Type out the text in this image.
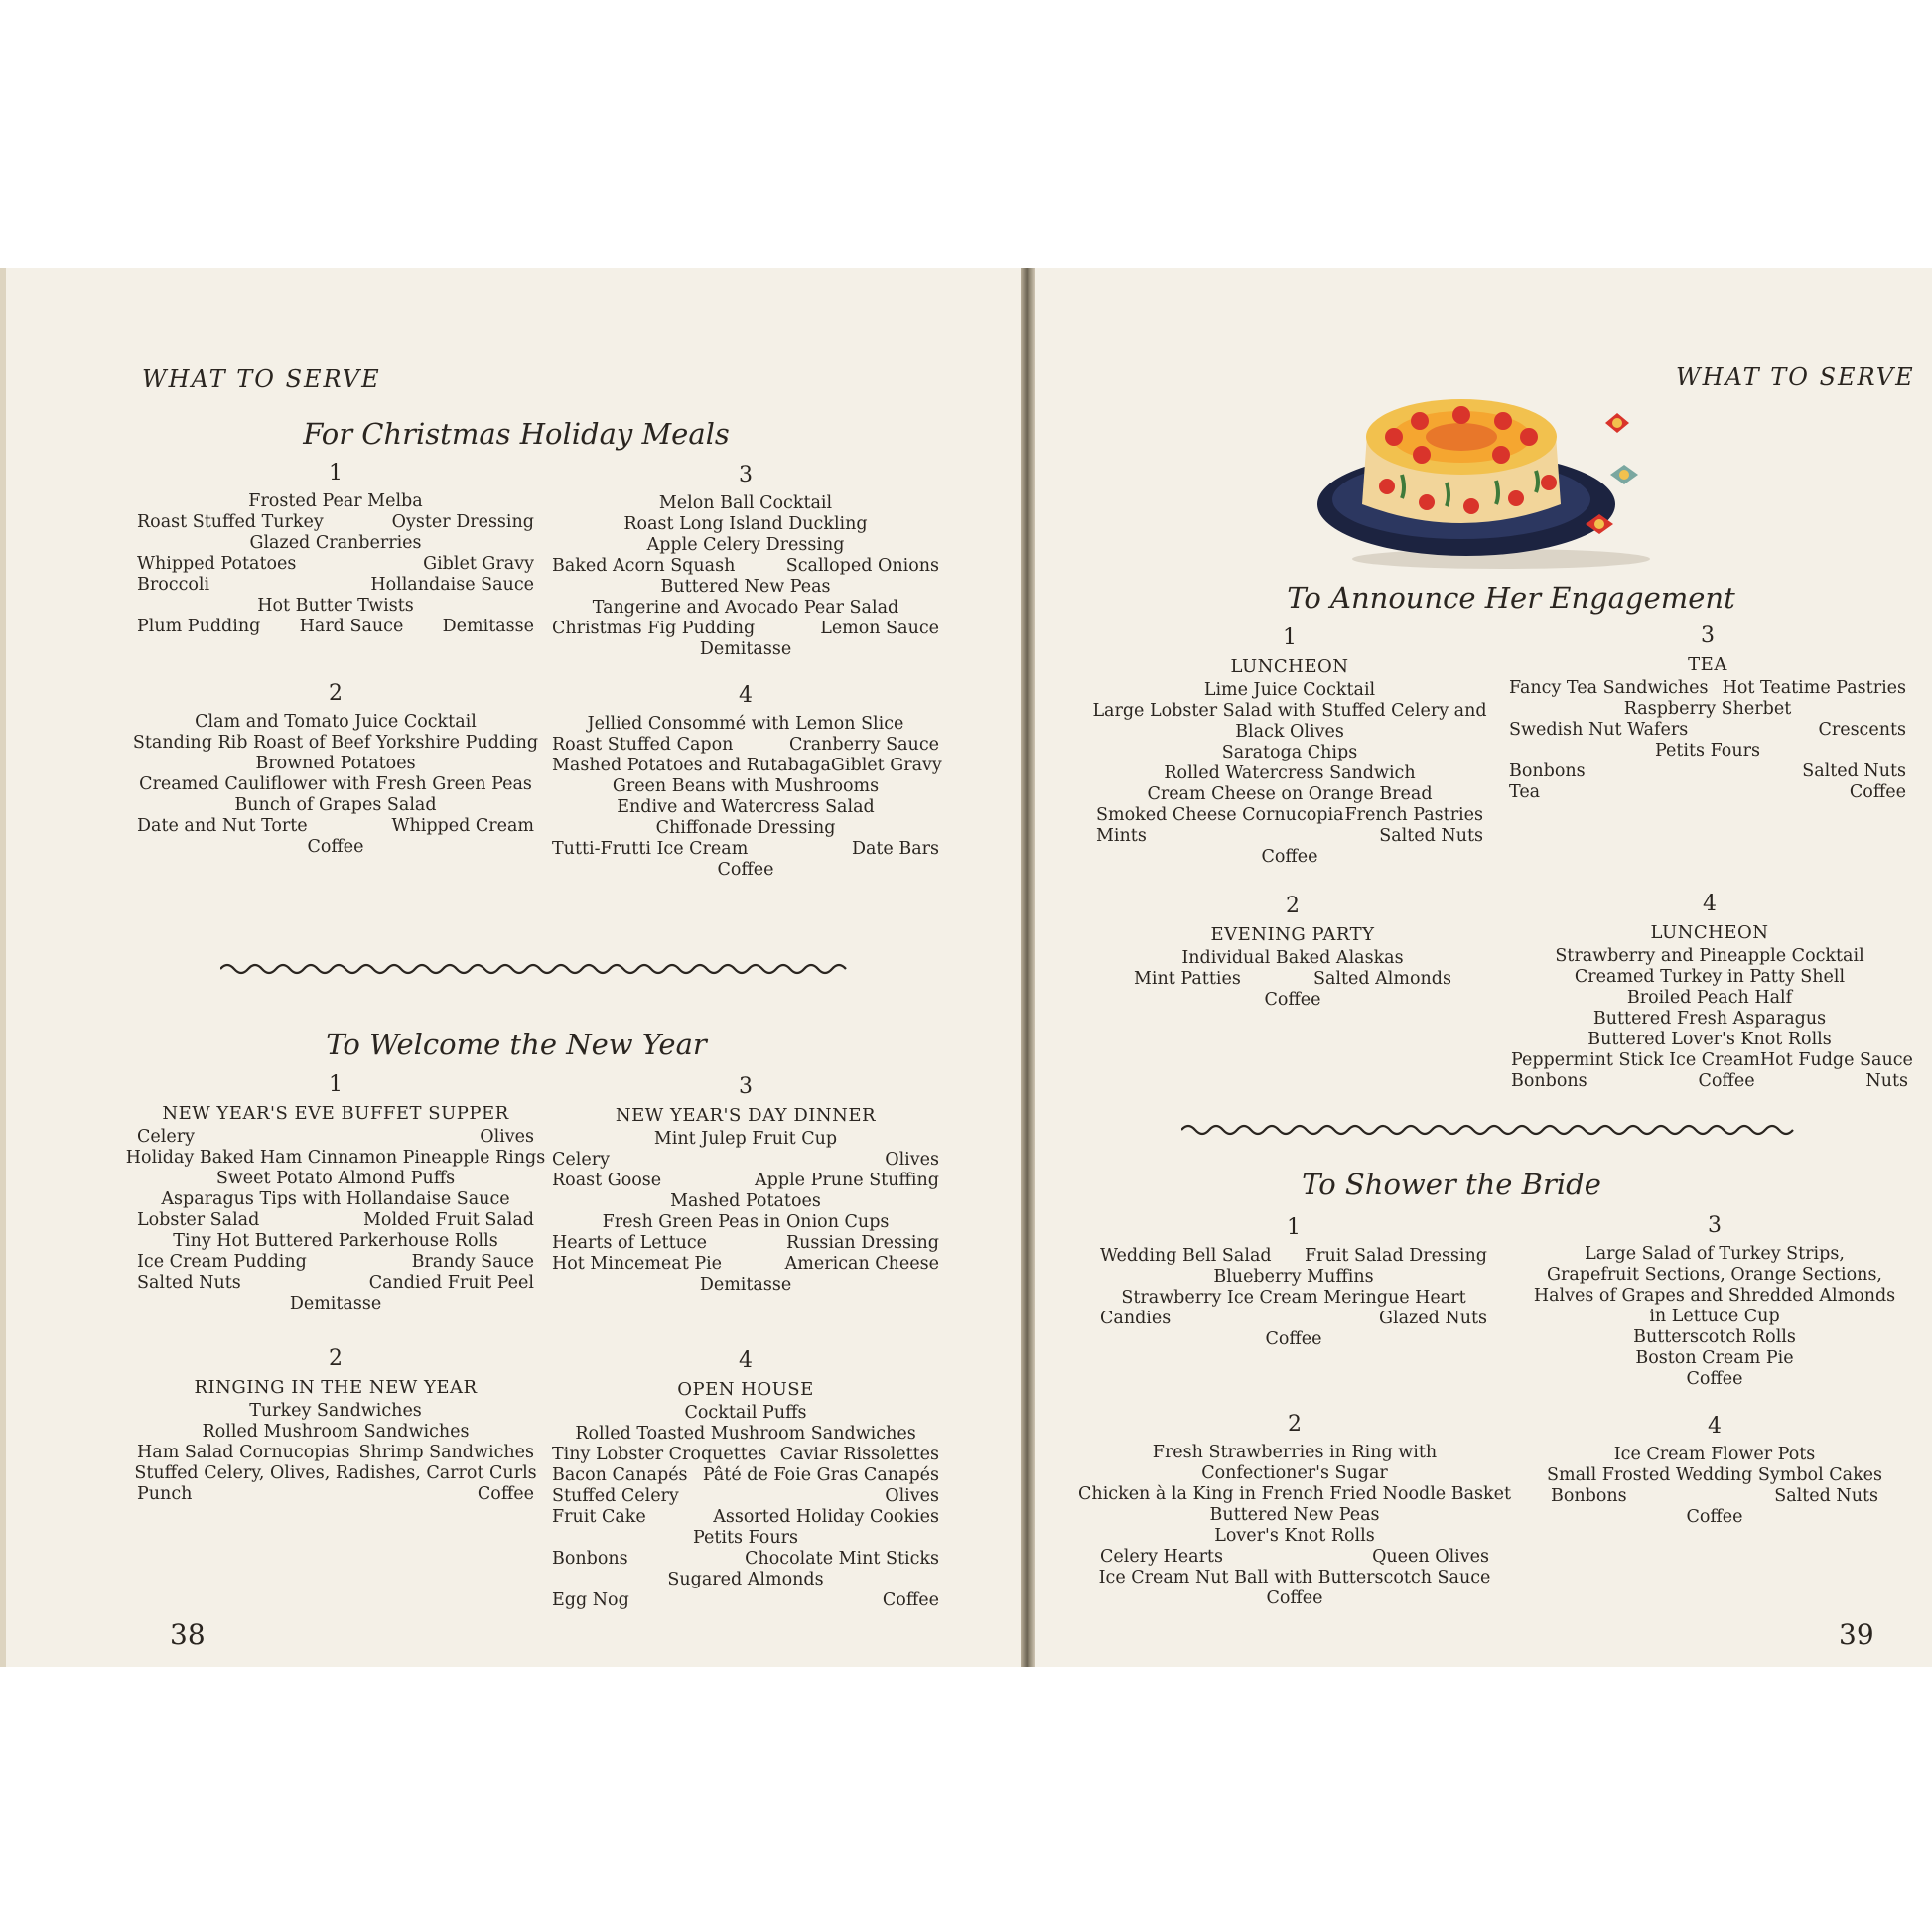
WHAT TO SERVE
For Christmas Holiday Meals
1
Frosted Pear Melba
Roast Stuffed Turkey	Oyster Dressing
Glazed Cranberries
Whipped Potatoes	Giblet Gravy
Broccoli	Hollandaise Sauce
Hot Butter Twists
Plum Pudding Hard Sauce Demitasse
3
Melon Ball Cocktail
Roast Long Island Duckling
Apple Celery Dressing
Baked Acorn Squash	Scalloped Onions
Buttered New Peas
Tangerine and Avocado Pear Salad
Christmas Fig Pudding	Lemon Sauce
Demitasse
2
Clam and Tomato Juice Cocktail
Standing Rib Roast of Beef Yorkshire Pudding
Browned Potatoes
Creamed Cauliflower with Fresh Green Peas
Bunch of Grapes Salad
Date and Nut Torte	Whipped Cream
Coffee
4
Jellied Consommé with Lemon Slice
Roast Stuffed Capon	Cranberry Sauce
Mashed Potatoes and Rutabaga Giblet Gravy
Green Beans with Mushrooms
Endive and Watercress Salad
Chiffonade Dressing
Tutti-Frutti Ice Cream	Date Bars
Coffee
To Welcome the New Year
1
NEW YEAR'S EVE BUFFET SUPPER
Celery	Olives
Holiday Baked Ham Cinnamon Pineapple Rings
Sweet Potato Almond Puffs
Asparagus Tips with Hollandaise Sauce
Lobster Salad	Molded Fruit Salad
Tiny Hot Buttered Parkerhouse Rolls
Ice Cream Pudding	Brandy Sauce
Salted Nuts	Candied Fruit Peel
Demitasse
3
NEW YEAR'S DAY DINNER
Mint Julep Fruit Cup
Celery	Olives
Roast Goose	Apple Prune Stuffing
Mashed Potatoes
Fresh Green Peas in Onion Cups
Hearts of Lettuce	Russian Dressing
Hot Mincemeat Pie	American Cheese
Demitasse
2
RINGING IN THE NEW YEAR
Turkey Sandwiches
Rolled Mushroom Sandwiches
Ham Salad Cornucopias Shrimp Sandwiches
Stuffed Celery, Olives, Radishes, Carrot Curls
Punch	Coffee
4
OPEN HOUSE
Cocktail Puffs
Rolled Toasted Mushroom Sandwiches
Tiny Lobster Croquettes Caviar Rissolettes
Bacon Canapés Pâté de Foie Gras Canapés
Stuffed Celery	Olives
Fruit Cake	Assorted Holiday Cookies
Petits Fours
Bonbons	Chocolate Mint Sticks
Sugared Almonds
Egg Nog	Coffee
38
WHAT TO SERVE
To Announce Her Engagement
1
LUNCHEON
Lime Juice Cocktail
Large Lobster Salad with Stuffed Celery and
Black Olives
Saratoga Chips
Rolled Watercress Sandwich
Cream Cheese on Orange Bread
Smoked Cheese Cornucopia French Pastries
Mints	Salted Nuts
Coffee
3
TEA
Fancy Tea Sandwiches Hot Teatime Pastries
Raspberry Sherbet
Swedish Nut Wafers	Crescents
Petits Fours
Bonbons	Salted Nuts
Tea	Coffee
2
EVENING PARTY
Individual Baked Alaskas
Mint Patties	Salted Almonds
Coffee
4
LUNCHEON
Strawberry and Pineapple Cocktail
Creamed Turkey in Patty Shell
Broiled Peach Half
Buttered Fresh Asparagus
Buttered Lover's Knot Rolls
Peppermint Stick Ice Cream Hot Fudge Sauce
Bonbons	Coffee	Nuts
To Shower the Bride
1
Wedding Bell Salad Fruit Salad Dressing
Blueberry Muffins
Strawberry Ice Cream Meringue Heart
Candies	Glazed Nuts
Coffee
3
Large Salad of Turkey Strips,
Grapefruit Sections, Orange Sections,
Halves of Grapes and Shredded Almonds
in Lettuce Cup
Butterscotch Rolls
Boston Cream Pie
Coffee
2
Fresh Strawberries in Ring with
Confectioner's Sugar
Chicken à la King in French Fried Noodle Basket
Buttered New Peas
Lover's Knot Rolls
Celery Hearts	Queen Olives
Ice Cream Nut Ball with Butterscotch Sauce
Coffee
4
Ice Cream Flower Pots
Small Frosted Wedding Symbol Cakes
Bonbons	Salted Nuts
Coffee
39
